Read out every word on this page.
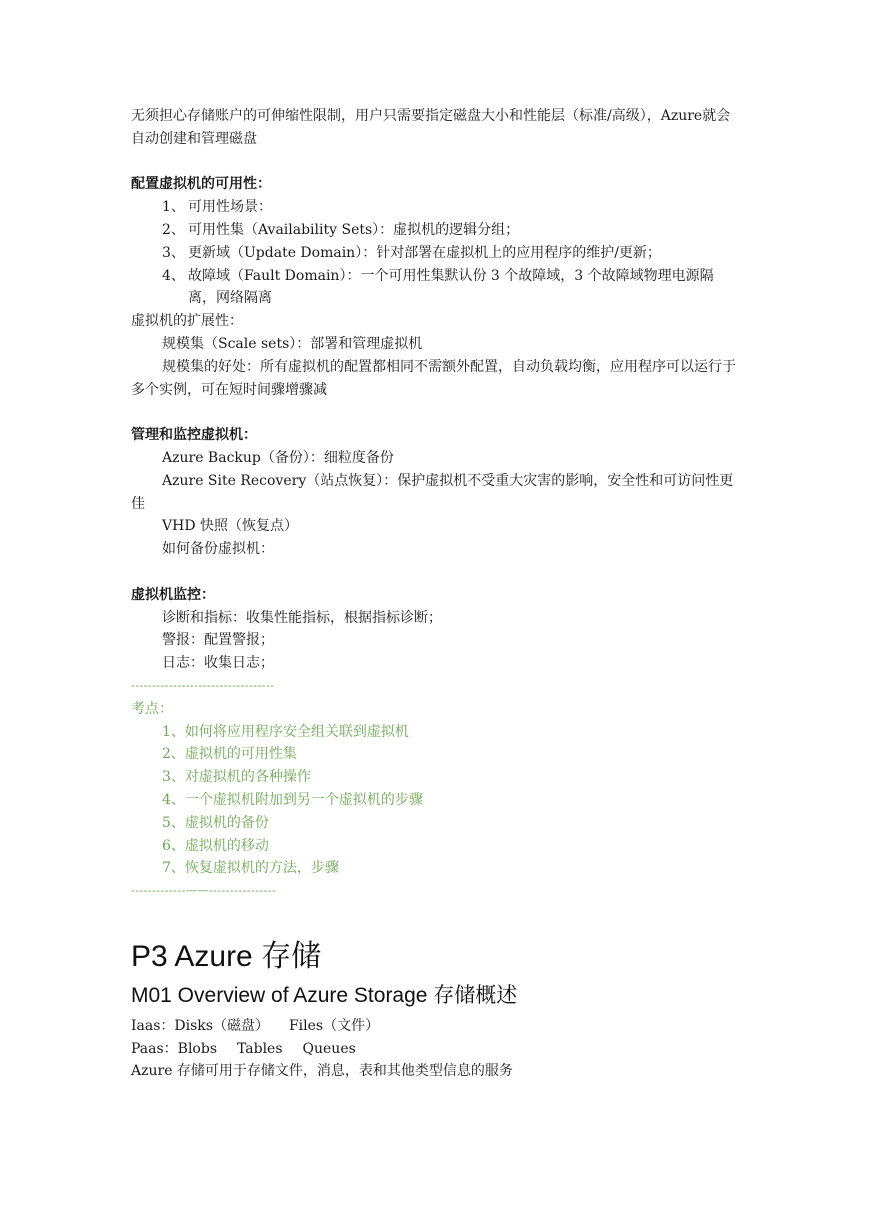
无须担心存储账户的可伸缩性限制，用户只需要指定磁盘大小和性能层（标准/高级），Azure就会自动创建和管理磁盘
配置虚拟机的可用性：
1、 可用性场景：
2、 可用性集（Availability Sets）：虚拟机的逻辑分组；
3、 更新域（Update Domain）：针对部署在虚拟机上的应用程序的维护/更新；
4、 故障域（Fault Domain）：一个可用性集默认份 3 个故障域，3 个故障域物理电源隔离，网络隔离
虚拟机的扩展性：
规模集（Scale sets）：部署和管理虚拟机
规模集的好处：所有虚拟机的配置都相同不需额外配置，自动负载均衡，应用程序可以运行于多个实例，可在短时间骤增骤减
管理和监控虚拟机：
Azure Backup（备份）：细粒度备份
Azure Site Recovery（站点恢复）：保护虚拟机不受重大灾害的影响，安全性和可访问性更佳
VHD 快照（恢复点）
如何备份虚拟机：
虚拟机监控：
诊断和指标：收集性能指标，根据指标诊断；
警报：配置警报；
日志：收集日志；
----------------------------------
考点：
1、如何将应用程序安全组关联到虚拟机
2、虚拟机的可用性集
3、对虚拟机的各种操作
4、一个虚拟机附加到另一个虚拟机的步骤
5、虚拟机的备份
6、虚拟机的移动
7、恢复虚拟机的方法，步骤
-------------——----------------
P3 Azure 存储
M01 Overview of Azure Storage 存储概述
Iaas：Disks（磁盘） Files（文件）
Paas：Blobs Tables Queues
Azure 存储可用于存储文件，消息，表和其他类型信息的服务
